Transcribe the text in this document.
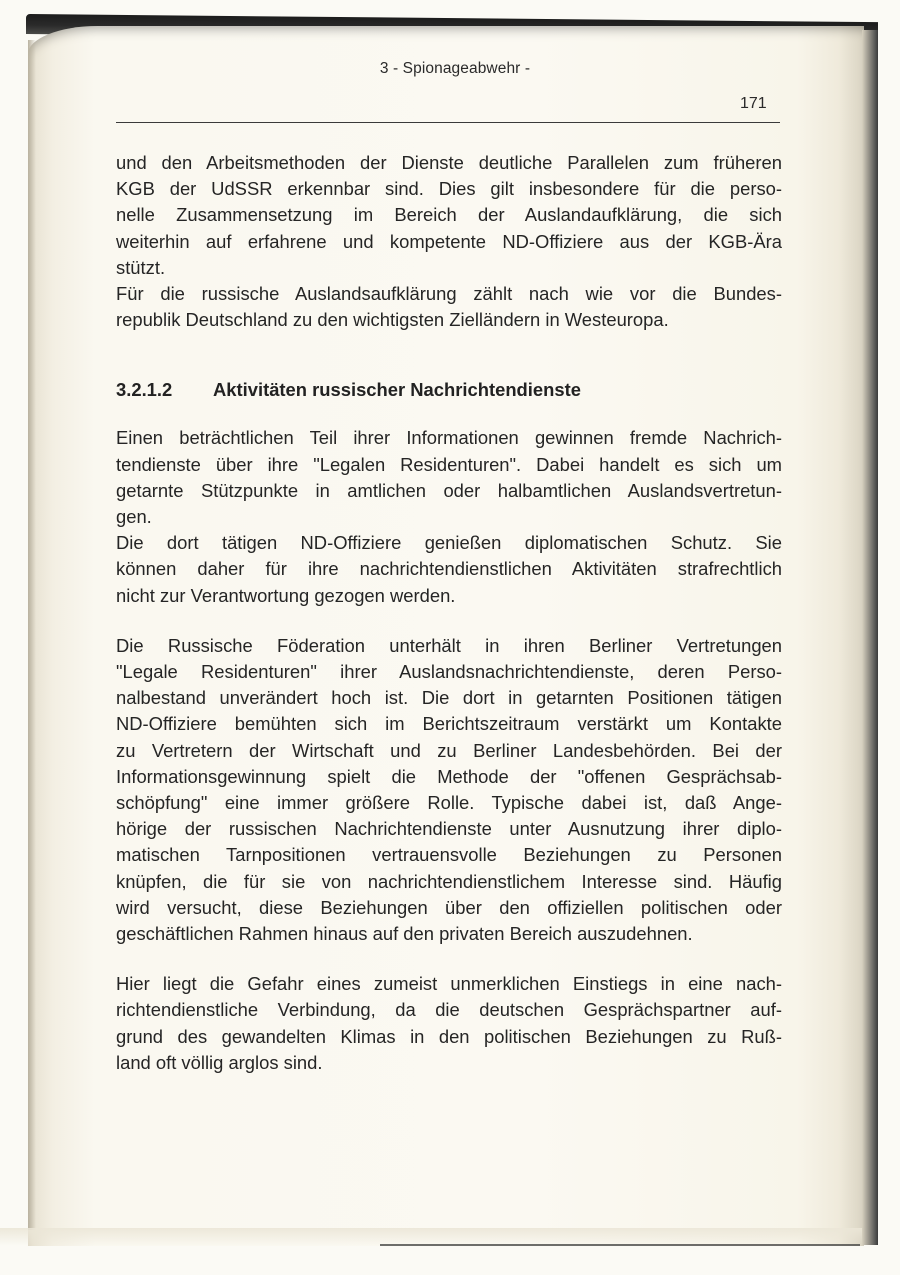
3 - Spionageabwehr -
171

und den Arbeitsmethoden der Dienste deutliche Parallelen zum früheren
KGB der UdSSR erkennbar sind. Dies gilt insbesondere für die perso-
nelle Zusammensetzung im Bereich der Auslandaufklärung, die sich
weiterhin auf erfahrene und kompetente ND-Offiziere aus der KGB-Ära
stützt.

Für die russische Auslandsaufklärung zählt nach wie vor die Bundes-
republik Deutschland zu den wichtigsten Zielländern in Westeuropa.

3.2.1.2	Aktivitäten russischer Nachrichtendienste

Einen beträchtlichen Teil ihrer Informationen gewinnen fremde Nachrich-
tendienste über ihre "Legalen Residenturen". Dabei handelt es sich um
getarnte Stützpunkte in amtlichen oder halbamtlichen Auslandsvertretun-
gen.

Die dort tätigen ND-Offiziere genießen diplomatischen Schutz. Sie
können daher für ihre nachrichtendienstlichen Aktivitäten strafrechtlich
nicht zur Verantwortung gezogen werden.

Die Russische Föderation unterhält in ihren Berliner Vertretungen
"Legale Residenturen" ihrer Auslandsnachrichtendienste, deren Perso-
nalbestand unverändert hoch ist. Die dort in getarnten Positionen tätigen
ND-Offiziere bemühten sich im Berichtszeitraum verstärkt um Kontakte
zu Vertretern der Wirtschaft und zu Berliner Landesbehörden. Bei der
Informationsgewinnung spielt die Methode der "offenen Gesprächsab-
schöpfung" eine immer größere Rolle. Typische dabei ist, daß Ange-
hörige der russischen Nachrichtendienste unter Ausnutzung ihrer diplo-
matischen Tarnpositionen vertrauensvolle Beziehungen zu Personen
knüpfen, die für sie von nachrichtendienstlichem Interesse sind. Häufig
wird versucht, diese Beziehungen über den offiziellen politischen oder
geschäftlichen Rahmen hinaus auf den privaten Bereich auszudehnen.

Hier liegt die Gefahr eines zumeist unmerklichen Einstiegs in eine nach-
richtendienstliche Verbindung, da die deutschen Gesprächspartner auf-
grund des gewandelten Klimas in den politischen Beziehungen zu Ruß-
land oft völlig arglos sind.
